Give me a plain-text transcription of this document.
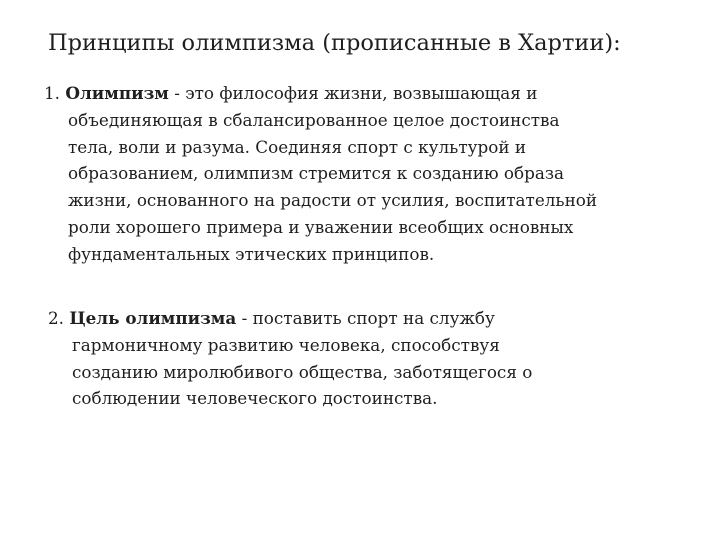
Принципы олимпизма (прописанные в Хартии):
1. Олимпизм - это философия жизни, возвышающая и
объединяющая в сбалансированное целое достоинства
тела, воли и разума. Соединяя спорт с культурой и
образованием, олимпизм стремится к созданию образа
жизни, основанного на радости от усилия, воспитательной
роли хорошего примера и уважении всеобщих основных
фундаментальных этических принципов.
2. Цель олимпизма - поставить спорт на службу
гармоничному развитию человека, способствуя
созданию миролюбивого общества, заботящегося о
соблюдении человеческого достоинства.
